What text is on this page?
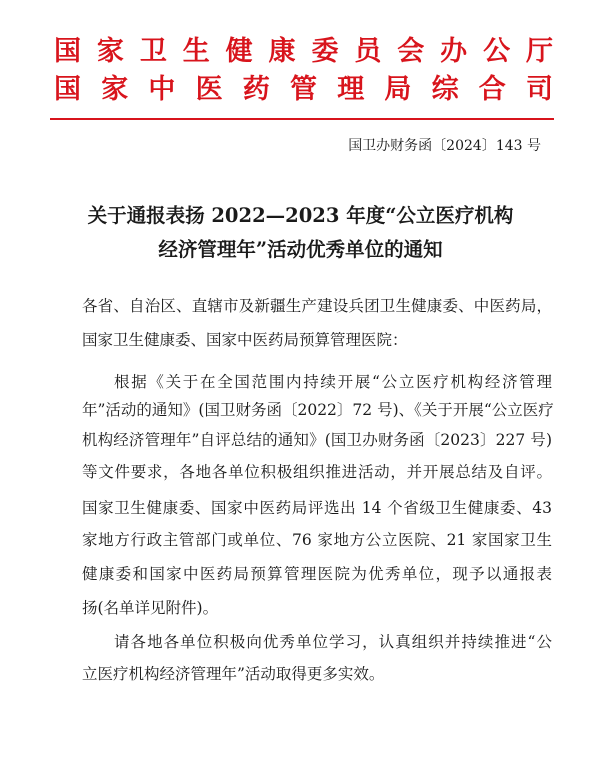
国家卫生健康委员会办公厅
国家中医药管理局综合司
国卫办财务函〔2024〕143 号
关于通报表扬 2022—2023 年度“公立医疗机构
经济管理年”活动优秀单位的通知
各省、自治区、直辖市及新疆生产建设兵团卫生健康委、中医药局，
国家卫生健康委、国家中医药局预算管理医院：
根据《关于在全国范围内持续开展“公立医疗机构经济管理
年”活动的通知》(国卫财务函〔2022〕72 号)、《关于开展“公立医疗
机构经济管理年”自评总结的通知》(国卫办财务函〔2023〕227 号)
等文件要求，各地各单位积极组织推进活动，并开展总结及自评。
国家卫生健康委、国家中医药局评选出 14 个省级卫生健康委、43
家地方行政主管部门或单位、76 家地方公立医院、21 家国家卫生
健康委和国家中医药局预算管理医院为优秀单位，现予以通报表
扬(名单详见附件)。
请各地各单位积极向优秀单位学习，认真组织并持续推进“公
立医疗机构经济管理年”活动取得更多实效。
